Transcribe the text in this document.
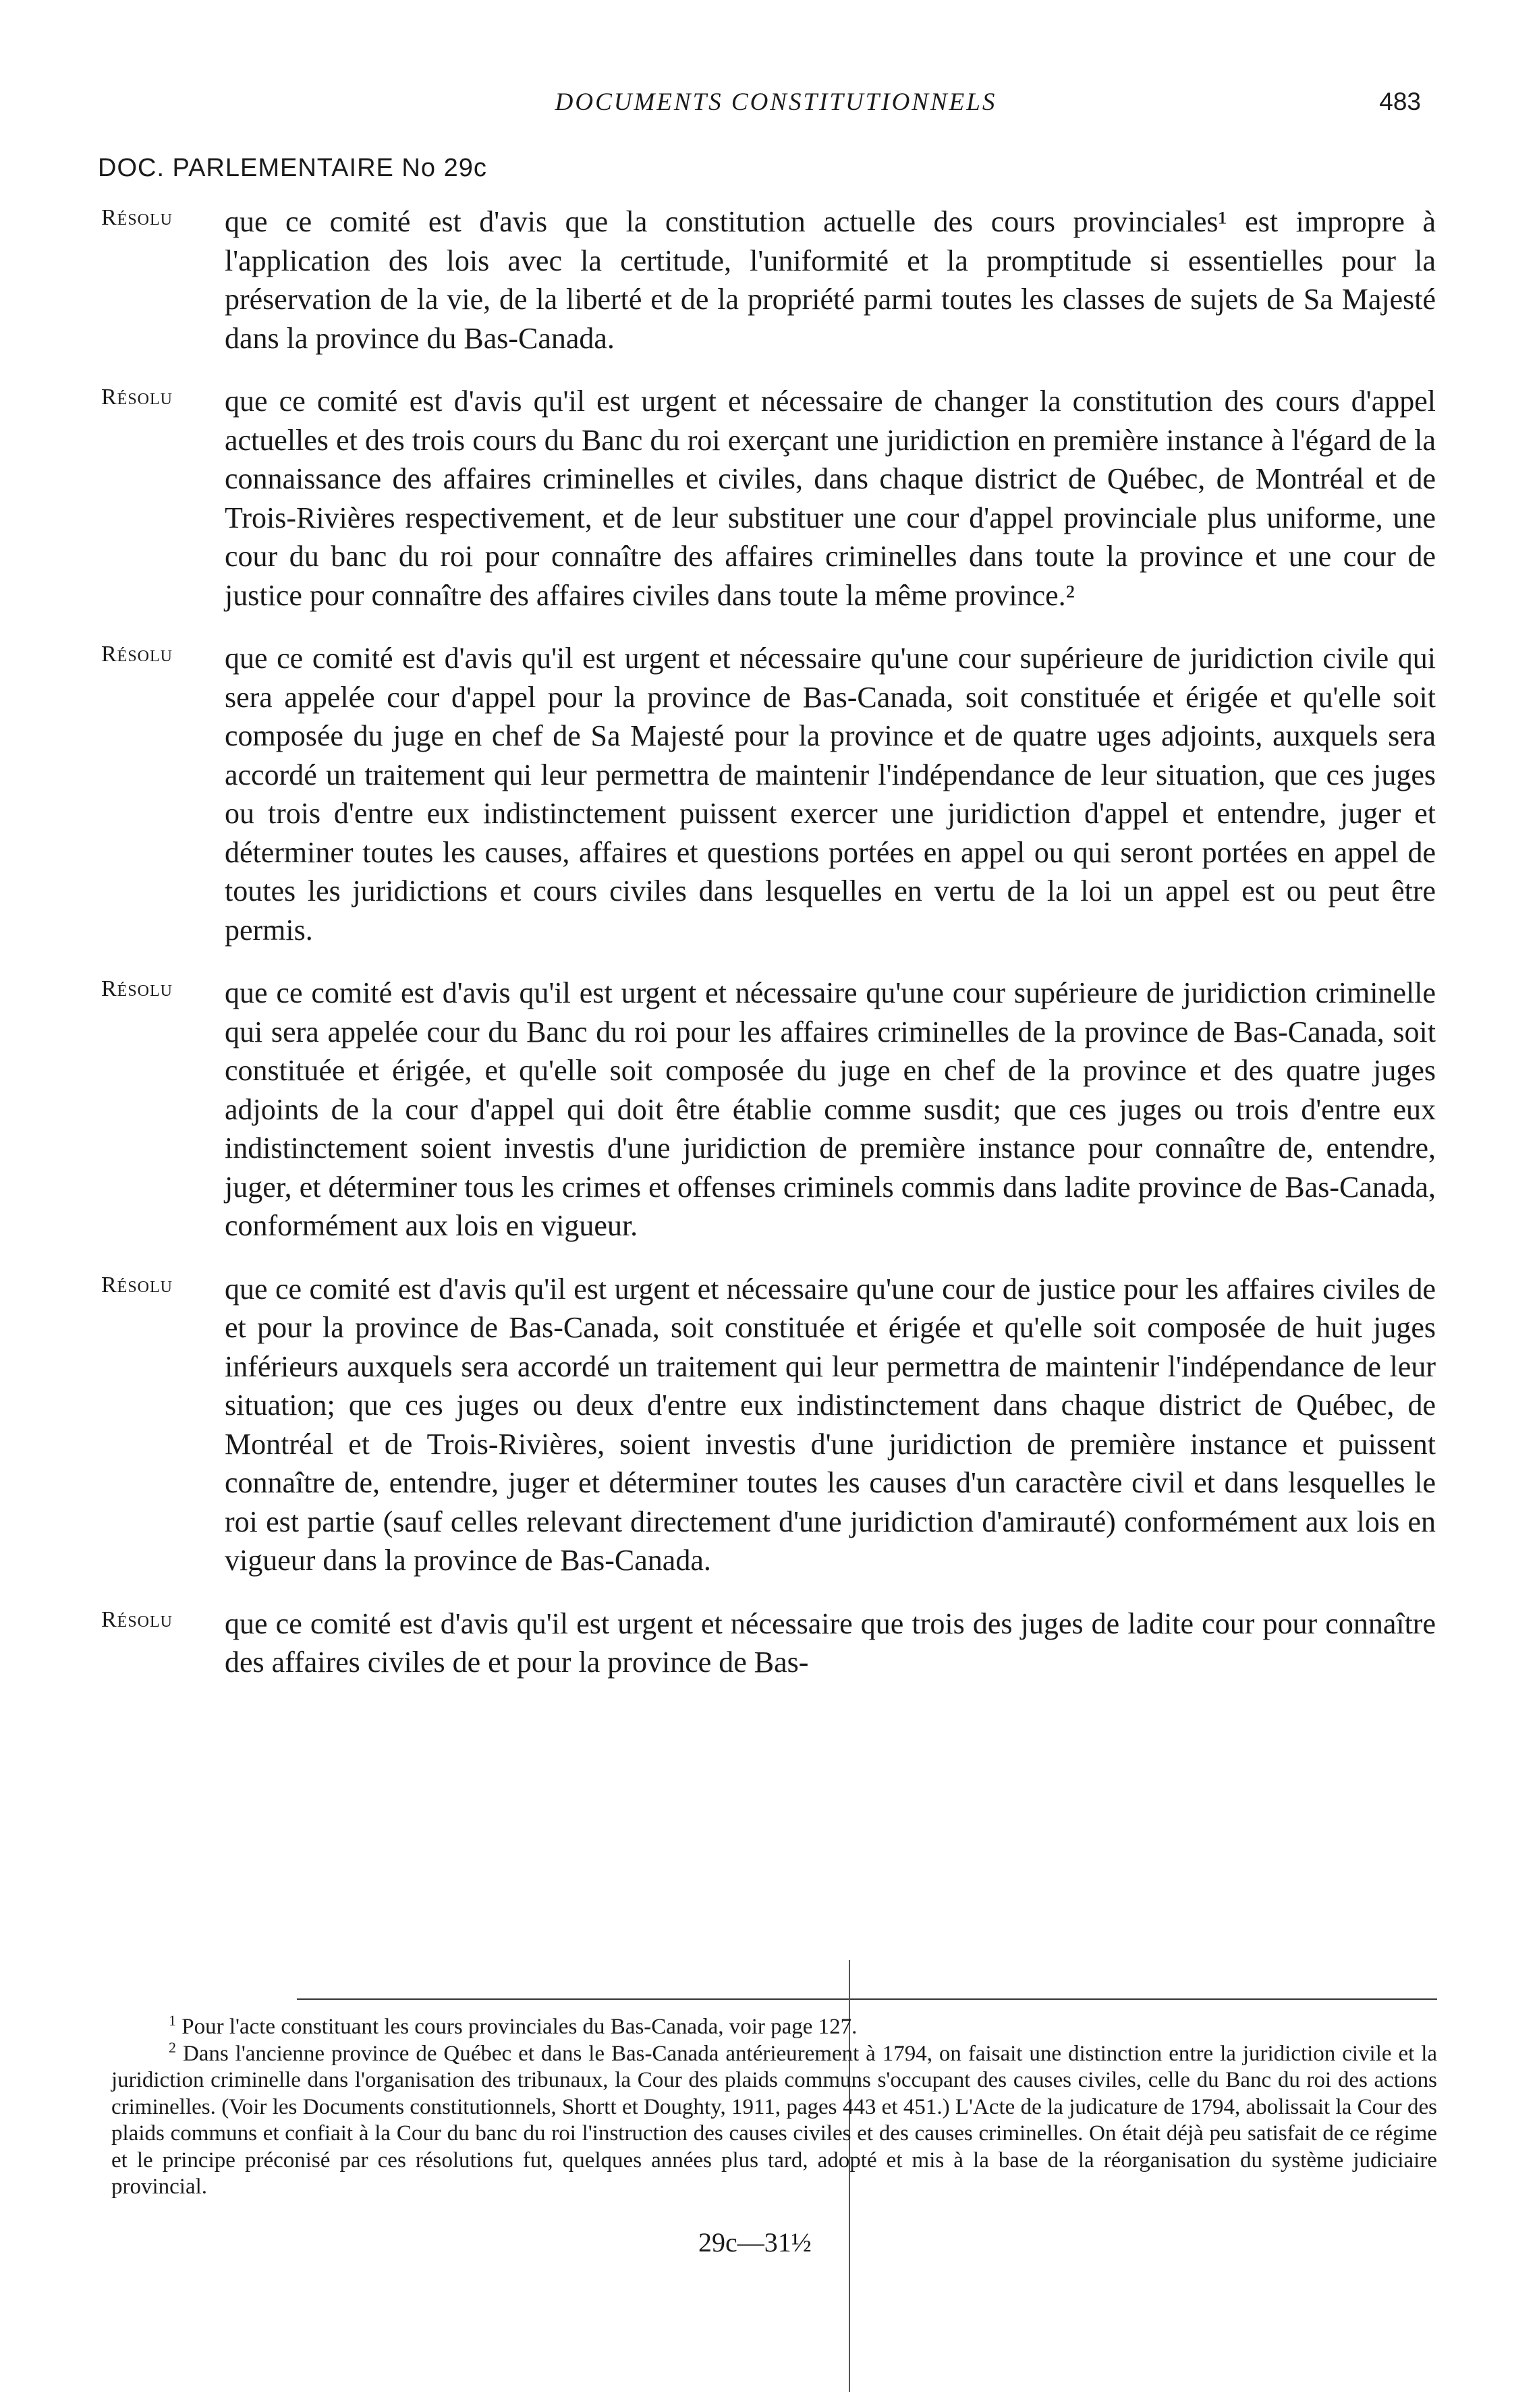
DOCUMENTS CONSTITUTIONNELS	483
DOC. PARLEMENTAIRE No 29c
Résolu que ce comité est d'avis que la constitution actuelle des cours provinciales¹ est impropre à l'application des lois avec la certitude, l'uniformité et la promptitude si essentielles pour la préservation de la vie, de la liberté et de la propriété parmi toutes les classes de sujets de Sa Majesté dans la province du Bas-Canada.

Résolu que ce comité est d'avis qu'il est urgent et nécessaire de changer la constitution des cours d'appel actuelles et des trois cours du Banc du roi exerçant une juridiction en première instance à l'égard de la connaissance des affaires criminelles et civiles, dans chaque district de Québec, de Montréal et de Trois-Rivières respectivement, et de leur substituer une cour d'appel provinciale plus uniforme, une cour du banc du roi pour connaître des affaires criminelles dans toute la province et une cour de justice pour connaître des affaires civiles dans toute la même province.²

Résolu que ce comité est d'avis qu'il est urgent et nécessaire qu'une cour supérieure de juridiction civile qui sera appelée cour d'appel pour la province de Bas-Canada, soit constituée et érigée et qu'elle soit composée du juge en chef de Sa Majesté pour la province et de quatre uges adjoints, auxquels sera accordé un traitement qui leur permettra de maintenir l'indépendance de leur situation, que ces juges ou trois d'entre eux indistinctement puissent exercer une juridiction d'appel et entendre, juger et déterminer toutes les causes, affaires et questions portées en appel ou qui seront portées en appel de toutes les juridictions et cours civiles dans lesquelles en vertu de la loi un appel est ou peut être permis.

Résolu que ce comité est d'avis qu'il est urgent et nécessaire qu'une cour supérieure de juridiction criminelle qui sera appelée cour du Banc du roi pour les affaires criminelles de la province de Bas-Canada, soit constituée et érigée, et qu'elle soit composée du juge en chef de la province et des quatre juges adjoints de la cour d'appel qui doit être établie comme susdit; que ces juges ou trois d'entre eux indistinctement soient investis d'une juridiction de première instance pour connaître de, entendre, juger, et déterminer tous les crimes et offenses criminels commis dans ladite province de Bas-Canada, conformément aux lois en vigueur.

Résolu que ce comité est d'avis qu'il est urgent et nécessaire qu'une cour de justice pour les affaires civiles de et pour la province de Bas-Canada, soit constituée et érigée et qu'elle soit composée de huit juges inférieurs auxquels sera accordé un traitement qui leur permettra de maintenir l'indépendance de leur situation; que ces juges ou deux d'entre eux indistinctement dans chaque district de Québec, de Montréal et de Trois-Rivières, soient investis d'une juridiction de première instance et puissent connaître de, entendre, juger et déterminer toutes les causes d'un caractère civil et dans lesquelles le roi est partie (sauf celles relevant directement d'une juridiction d'amirauté) conformément aux lois en vigueur dans la province de Bas-Canada.

Résolu que ce comité est d'avis qu'il est urgent et nécessaire que trois des juges de ladite cour pour connaître des affaires civiles de et pour la province de Bas-

$^1$ Pour l'acte constituant les cours provinciales du Bas-Canada, voir page 127.

$^2$ Dans l'ancienne province de Québec et dans le Bas-Canada antérieurement à 1794, on faisait une distinction entre la juridiction civile et la juridiction criminelle dans l'organisation des tribunaux, la Cour des plaids communs s'occupant des causes civiles, celle du Banc du roi des actions criminelles. (Voir les Documents constitutionnels, Shortt et Doughty, 1911, pages 443 et 451.) L'Acte de la judicature de 1794, abolissait la Cour des plaids communs et confiait à la Cour du banc du roi l'instruction des causes civiles et des causes criminelles. On était déjà peu satisfait de ce régime et le principe préconisé par ces résolutions fut, quelques années plus tard, adopté et mis à la base de la réorganisation du système judiciaire provincial.

29c—31½
